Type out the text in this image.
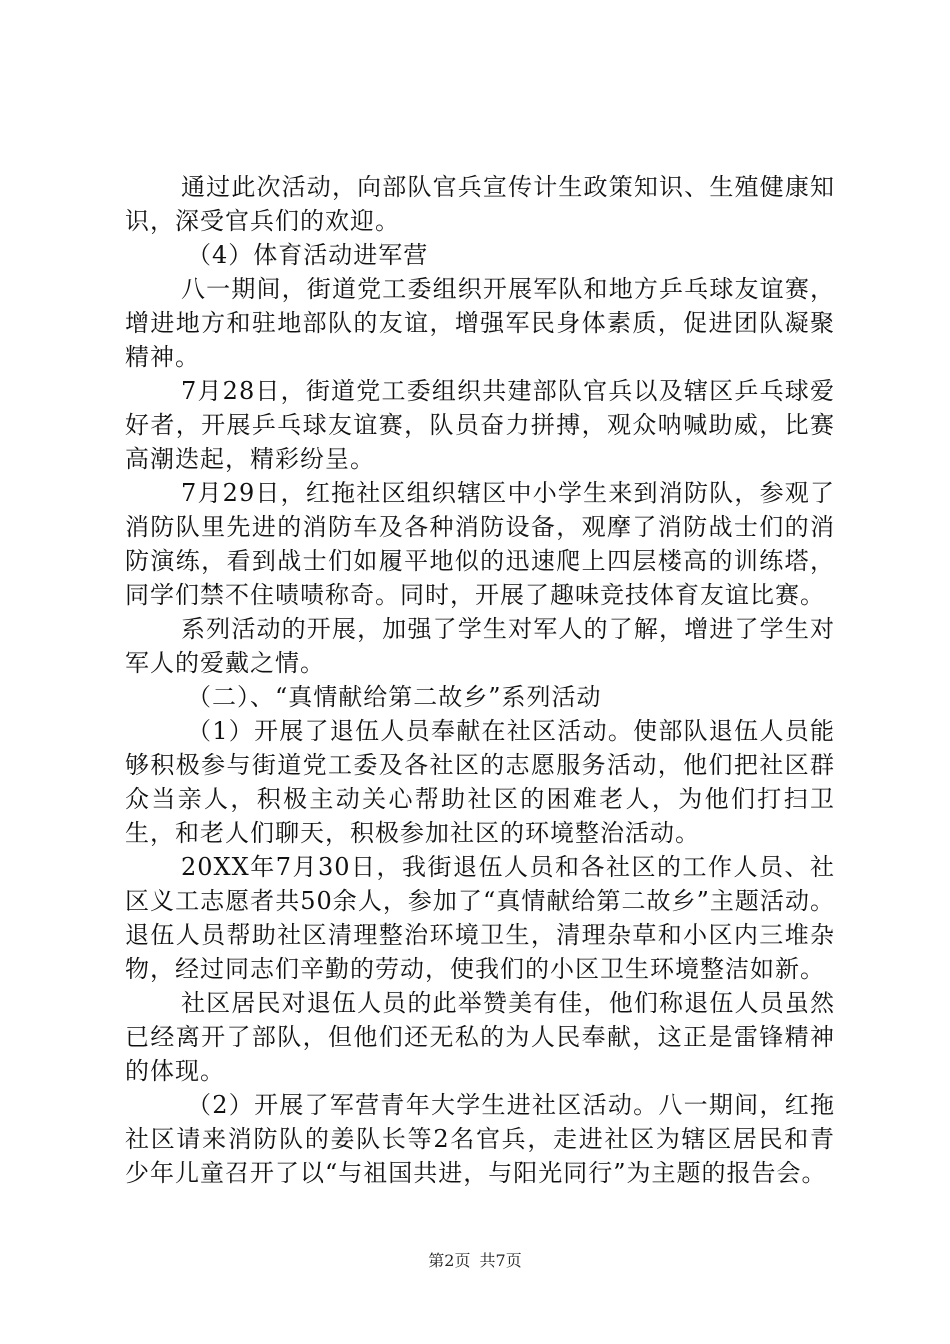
通过此次活动，向部队官兵宣传计生政策知识、生殖健康知识，深受官兵们的欢迎。

（4）体育活动进军营

八一期间，街道党工委组织开展军队和地方乒乓球友谊赛，增进地方和驻地部队的友谊，增强军民身体素质，促进团队凝聚精神。

7月28日，街道党工委组织共建部队官兵以及辖区乒乓球爱好者，开展乒乓球友谊赛，队员奋力拼搏，观众呐喊助威，比赛高潮迭起，精彩纷呈。

7月29日，红拖社区组织辖区中小学生来到消防队，参观了消防队里先进的消防车及各种消防设备，观摩了消防战士们的消防演练，看到战士们如履平地似的迅速爬上四层楼高的训练塔，同学们禁不住啧啧称奇。同时，开展了趣味竞技体育友谊比赛。

系列活动的开展，加强了学生对军人的了解，增进了学生对军人的爱戴之情。

（二）、“真情献给第二故乡”系列活动

（1）开展了退伍人员奉献在社区活动。使部队退伍人员能够积极参与街道党工委及各社区的志愿服务活动，他们把社区群众当亲人，积极主动关心帮助社区的困难老人，为他们打扫卫生，和老人们聊天，积极参加社区的环境整治活动。

20XX年7月30日，我街退伍人员和各社区的工作人员、社区义工志愿者共50余人，参加了“真情献给第二故乡”主题活动。退伍人员帮助社区清理整治环境卫生，清理杂草和小区内三堆杂物，经过同志们辛勤的劳动，使我们的小区卫生环境整洁如新。

社区居民对退伍人员的此举赞美有佳，他们称退伍人员虽然已经离开了部队，但他们还无私的为人民奉献，这正是雷锋精神的体现。

（2）开展了军营青年大学生进社区活动。八一期间，红拖社区请来消防队的姜队长等2名官兵，走进社区为辖区居民和青少年儿童召开了以“与祖国共进，与阳光同行”为主题的报告会。

第2页 共7页
